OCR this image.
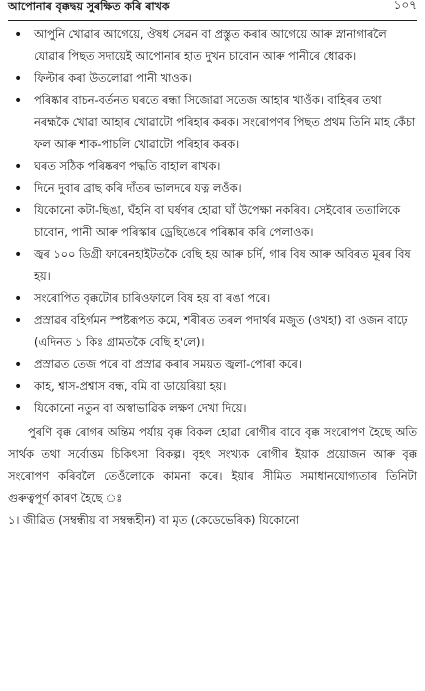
আপোনাৰ বৃক্কদ্বয় সুৰক্ষিত কৰি ৰাখক	১০৭
• আপুনি খোৱাৰ আগেয়ে, ঔষধ সেৱন বা প্ৰস্তুত কৰাৰ আগেয়ে আৰু স্নানাগাৰলৈ যোৱাৰ পিছত সদায়েই আপোনাৰ হাত দুখন চাবোন আৰু পানীৰে ধোৱক।
• ফিল্টাৰ কৰা উতলোৱা পানী খাওক।
• পৰিষ্কাৰ বাচন-বৰ্তনত ঘৰতে ৰন্ধা সিজোৱা সতেজ আহাৰ খাওঁক। বাহিৰৰ তথা নৰহ্মকৈ খোৱা আহাৰ খোৱাটো পৰিহাৰ কৰক। সংৰোপণৰ পিছত প্ৰথম তিনি মাহ কেঁচা ফল আৰু শাক-পাচলি খোৱাটো পৰিহাৰ কৰক।
• ঘৰত সঠিক পৰিষ্কৰণ পদ্ধতি বাহাল ৰাখক।
• দিনে দুবাৰ ব্ৰাছ কৰি দাঁতৰ ভালদৰে যত্ন লওঁক।
• যিকোনো কটা-ছিঙা, ঘঁহনি বা ঘৰ্ষণৰ হোৱা ঘাঁ উপেক্ষা নকৰিব। সেইবোৰ ততালিকে চাবোন, পানী আৰু পৰিস্কাৰ ড্ৰেছিঙেৰে পৰিষ্কাৰ কৰি পেলাওক।
• জ্বৰ ১০০ ডিগ্ৰী ফাৰেনহাইটতকৈ বেছি হয় আৰু চৰ্দি, গাৰ বিষ আৰু অবিৰত মূৰৰ বিষ হয়।
• সংৰোপিত বৃক্কটোৰ চাৰিওফালে বিষ হয় বা ৰঙা পৰে।
• প্ৰস্ৰাৱৰ বহিৰ্গমন স্পষ্টৰূপত কমে, শৰীৰত তৰল পদাৰ্থৰ মজুত (ওখহা) বা ওজন বাঢ়ে (এদিনত ১ কিঃ গ্ৰামতকৈ বেছি হ'লে)।
• প্ৰস্ৰাৱত তেজ পৰে বা প্ৰস্ৰাৱ কৰাৰ সময়ত জ্বলা-পোৰা কৰে।
• কাহ, শ্বাস-প্ৰশ্বাস বন্ধ, বমি বা ডায়েৰিয়া হয়।
• যিকোনো নতুন বা অস্বাভাৱিক লক্ষণ দেখা দিয়ে।

পুৰণি বৃক্ক ৰোগৰ অন্তিম পৰ্যায় বৃক্ক বিকল হোৱা ৰোগীৰ বাবে বৃক্ক সংৰোপণ হৈছে অতি সাৰ্থক তথা সৰ্বোত্তম চিকিৎসা বিকল্প। বৃহৎ সংখ্যক ৰোগীৰ ইয়াক প্ৰয়োজন আৰু বৃক্ক সংৰোপণ কৰিবলৈ তেওঁলোকে কামনা কৰে। ইয়াৰ সীমিত সমাধানযোগ্যতাৰ তিনিটা গুৰুত্বপূৰ্ণ কাৰণ হৈছে ঃ

১। জীৱিত (সম্বন্ধীয় বা সম্বন্ধহীন) বা মৃত (কেডেভেৰিক) যিকোনো
